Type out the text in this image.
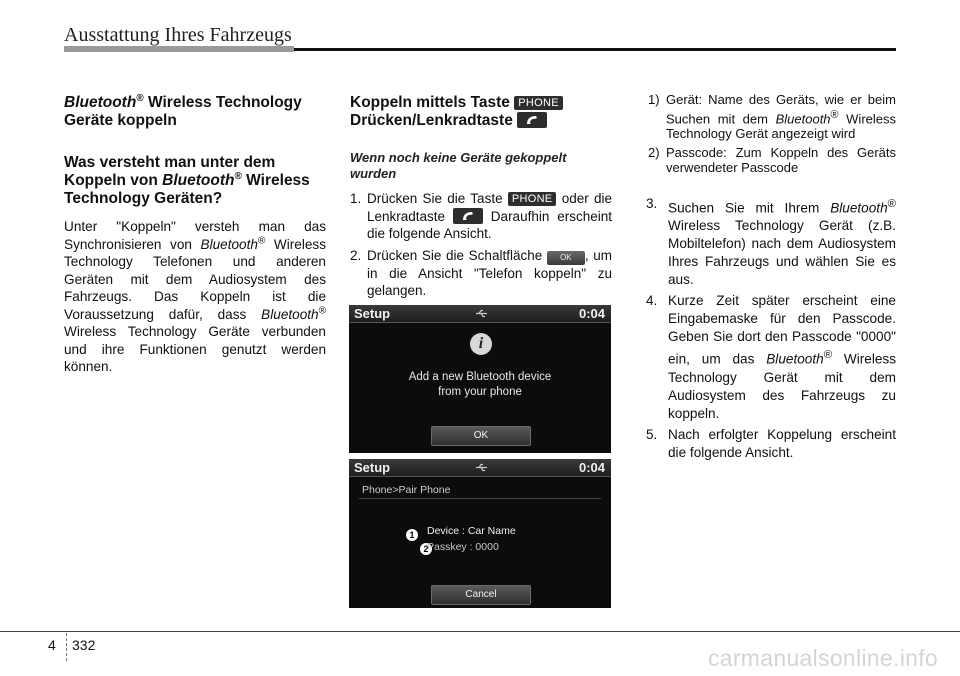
Ausstattung Ihres Fahrzeugs
Bluetooth® Wireless Technology
Geräte koppeln
Was versteht man unter dem
Koppeln von Bluetooth® Wireless
Technology Geräten?

Unter "Koppeln" versteh man das Synchronisieren von Bluetooth® Wireless Technology Telefonen und anderen Geräten mit dem Audiosystem des Fahrzeugs. Das Koppeln ist die Voraussetzung dafür, dass Bluetooth® Wireless Technology Geräte verbunden und ihre Funktionen genutzt werden können.

Koppeln mittels Taste PHONE
Drücken/Lenkradtaste
Wenn noch keine Geräte gekoppelt wurden
1. Drücken Sie die Taste PHONE oder die Lenkradtaste
Daraufhin erscheint die folgende Ansicht.
2. Drücken Sie die Schaltfläche OK , um in die Ansicht "Telefon koppeln" zu gelangen.
Setup	0:04
i
Add a new Bluetooth device
from your phone
OK
Setup	0:04
Phone>Pair Phone
1
2
Device : Car Name
Passkey : 0000
Cancel
1) Gerät: Name des Geräts, wie er beim Suchen mit dem Bluetooth® Wireless Technology Gerät angezeigt wird
2) Passcode: Zum Koppeln des Geräts verwendeter Passcode
3. Suchen Sie mit Ihrem Bluetooth® Wireless Technology Gerät (z.B. Mobiltelefon) nach dem Audiosystem Ihres Fahrzeugs und wählen Sie es aus.
4. Kurze Zeit später erscheint eine Eingabemaske für den Passcode. Geben Sie dort den Passcode "0000" ein, um das Bluetooth® Wireless Technology Gerät mit dem Audiosystem des Fahrzeugs zu koppeln.
5. Nach erfolgter Koppelung erscheint die folgende Ansicht.
4 332	carmanualsonline.info
